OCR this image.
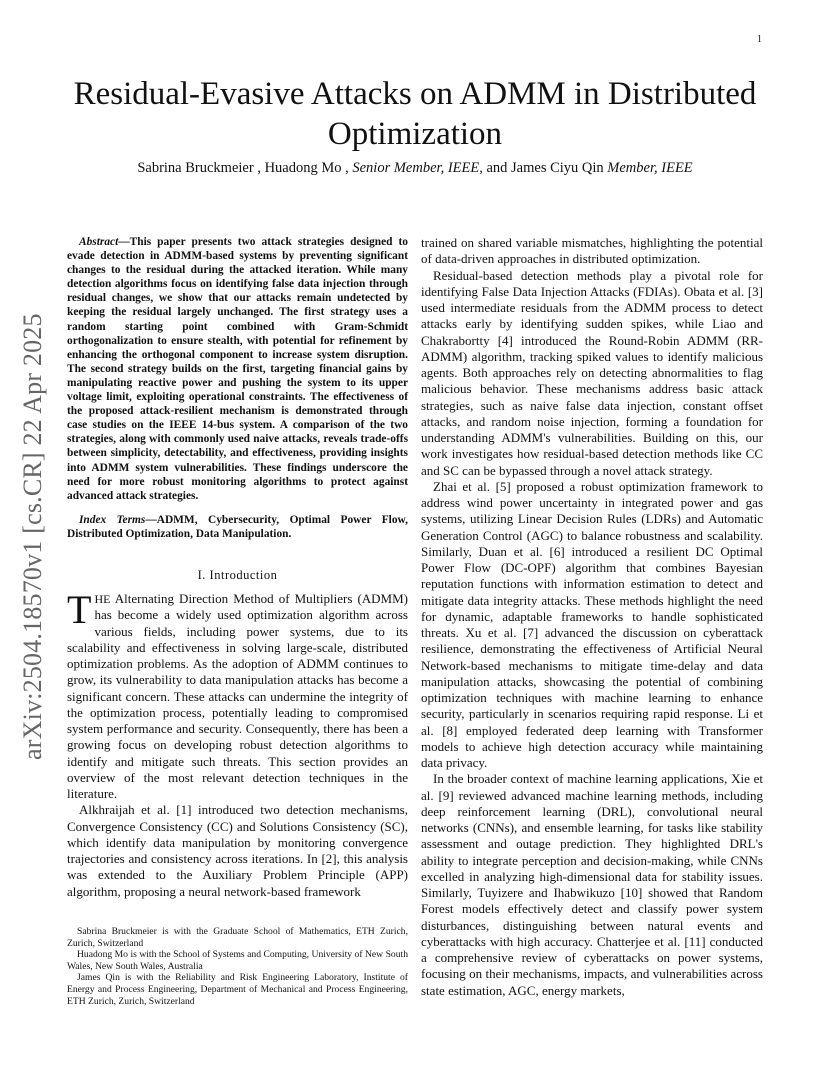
1
arXiv:2504.18570v1 [cs.CR] 22 Apr 2025
Residual-Evasive Attacks on ADMM in Distributed Optimization
Sabrina Bruckmeier , Huadong Mo , Senior Member, IEEE, and James Ciyu Qin Member, IEEE

Abstract—This paper presents two attack strategies designed to evade detection in ADMM-based systems by preventing significant changes to the residual during the attacked iteration. While many detection algorithms focus on identifying false data injection through residual changes, we show that our attacks remain undetected by keeping the residual largely unchanged. The first strategy uses a random starting point combined with Gram-Schmidt orthogonalization to ensure stealth, with potential for refinement by enhancing the orthogonal component to increase system disruption. The second strategy builds on the first, targeting financial gains by manipulating reactive power and pushing the system to its upper voltage limit, exploiting operational constraints. The effectiveness of the proposed attack-resilient mechanism is demonstrated through case studies on the IEEE 14-bus system. A comparison of the two strategies, along with commonly used naive attacks, reveals trade-offs between simplicity, detectability, and effectiveness, providing insights into ADMM system vulnerabilities. These findings underscore the need for more robust monitoring algorithms to protect against advanced attack strategies.

Index Terms—ADMM, Cybersecurity, Optimal Power Flow, Distributed Optimization, Data Manipulation.

I. Introduction

THE Alternating Direction Method of Multipliers (ADMM) has become a widely used optimization algorithm across various fields, including power systems, due to its scalability and effectiveness in solving large-scale, distributed optimization problems. As the adoption of ADMM continues to grow, its vulnerability to data manipulation attacks has become a significant concern. These attacks can undermine the integrity of the optimization process, potentially leading to compromised system performance and security. Consequently, there has been a growing focus on developing robust detection algorithms to identify and mitigate such threats. This section provides an overview of the most relevant detection techniques in the literature.

Alkhraijah et al. [1] introduced two detection mechanisms, Convergence Consistency (CC) and Solutions Consistency (SC), which identify data manipulation by monitoring convergence trajectories and consistency across iterations. In [2], this analysis was extended to the Auxiliary Problem Principle (APP) algorithm, proposing a neural network-based framework

Sabrina Bruckmeier is with the Graduate School of Mathematics, ETH Zurich, Zurich, Switzerland

Huadong Mo is with the School of Systems and Computing, University of New South Wales, New South Wales, Australia

James Qin is with the Reliability and Risk Engineering Laboratory, Institute of Energy and Process Engineering, Department of Mechanical and Process Engineering, ETH Zurich, Zurich, Switzerland

trained on shared variable mismatches, highlighting the potential of data-driven approaches in distributed optimization.

Residual-based detection methods play a pivotal role for identifying False Data Injection Attacks (FDIAs). Obata et al. [3] used intermediate residuals from the ADMM process to detect attacks early by identifying sudden spikes, while Liao and Chakrabortty [4] introduced the Round-Robin ADMM (RR-ADMM) algorithm, tracking spiked values to identify malicious agents. Both approaches rely on detecting abnormalities to flag malicious behavior. These mechanisms address basic attack strategies, such as naive false data injection, constant offset attacks, and random noise injection, forming a foundation for understanding ADMM's vulnerabilities. Building on this, our work investigates how residual-based detection methods like CC and SC can be bypassed through a novel attack strategy.

Zhai et al. [5] proposed a robust optimization framework to address wind power uncertainty in integrated power and gas systems, utilizing Linear Decision Rules (LDRs) and Automatic Generation Control (AGC) to balance robustness and scalability. Similarly, Duan et al. [6] introduced a resilient DC Optimal Power Flow (DC-OPF) algorithm that combines Bayesian reputation functions with information estimation to detect and mitigate data integrity attacks. These methods highlight the need for dynamic, adaptable frameworks to handle sophisticated threats. Xu et al. [7] advanced the discussion on cyberattack resilience, demonstrating the effectiveness of Artificial Neural Network-based mechanisms to mitigate time-delay and data manipulation attacks, showcasing the potential of combining optimization techniques with machine learning to enhance security, particularly in scenarios requiring rapid response. Li et al. [8] employed federated deep learning with Transformer models to achieve high detection accuracy while maintaining data privacy.

In the broader context of machine learning applications, Xie et al. [9] reviewed advanced machine learning methods, including deep reinforcement learning (DRL), convolutional neural networks (CNNs), and ensemble learning, for tasks like stability assessment and outage prediction. They highlighted DRL's ability to integrate perception and decision-making, while CNNs excelled in analyzing high-dimensional data for stability issues. Similarly, Tuyizere and Ihabwikuzo [10] showed that Random Forest models effectively detect and classify power system disturbances, distinguishing between natural events and cyberattacks with high accuracy. Chatterjee et al. [11] conducted a comprehensive review of cyberattacks on power systems, focusing on their mechanisms, impacts, and vulnerabilities across state estimation, AGC, energy markets,
